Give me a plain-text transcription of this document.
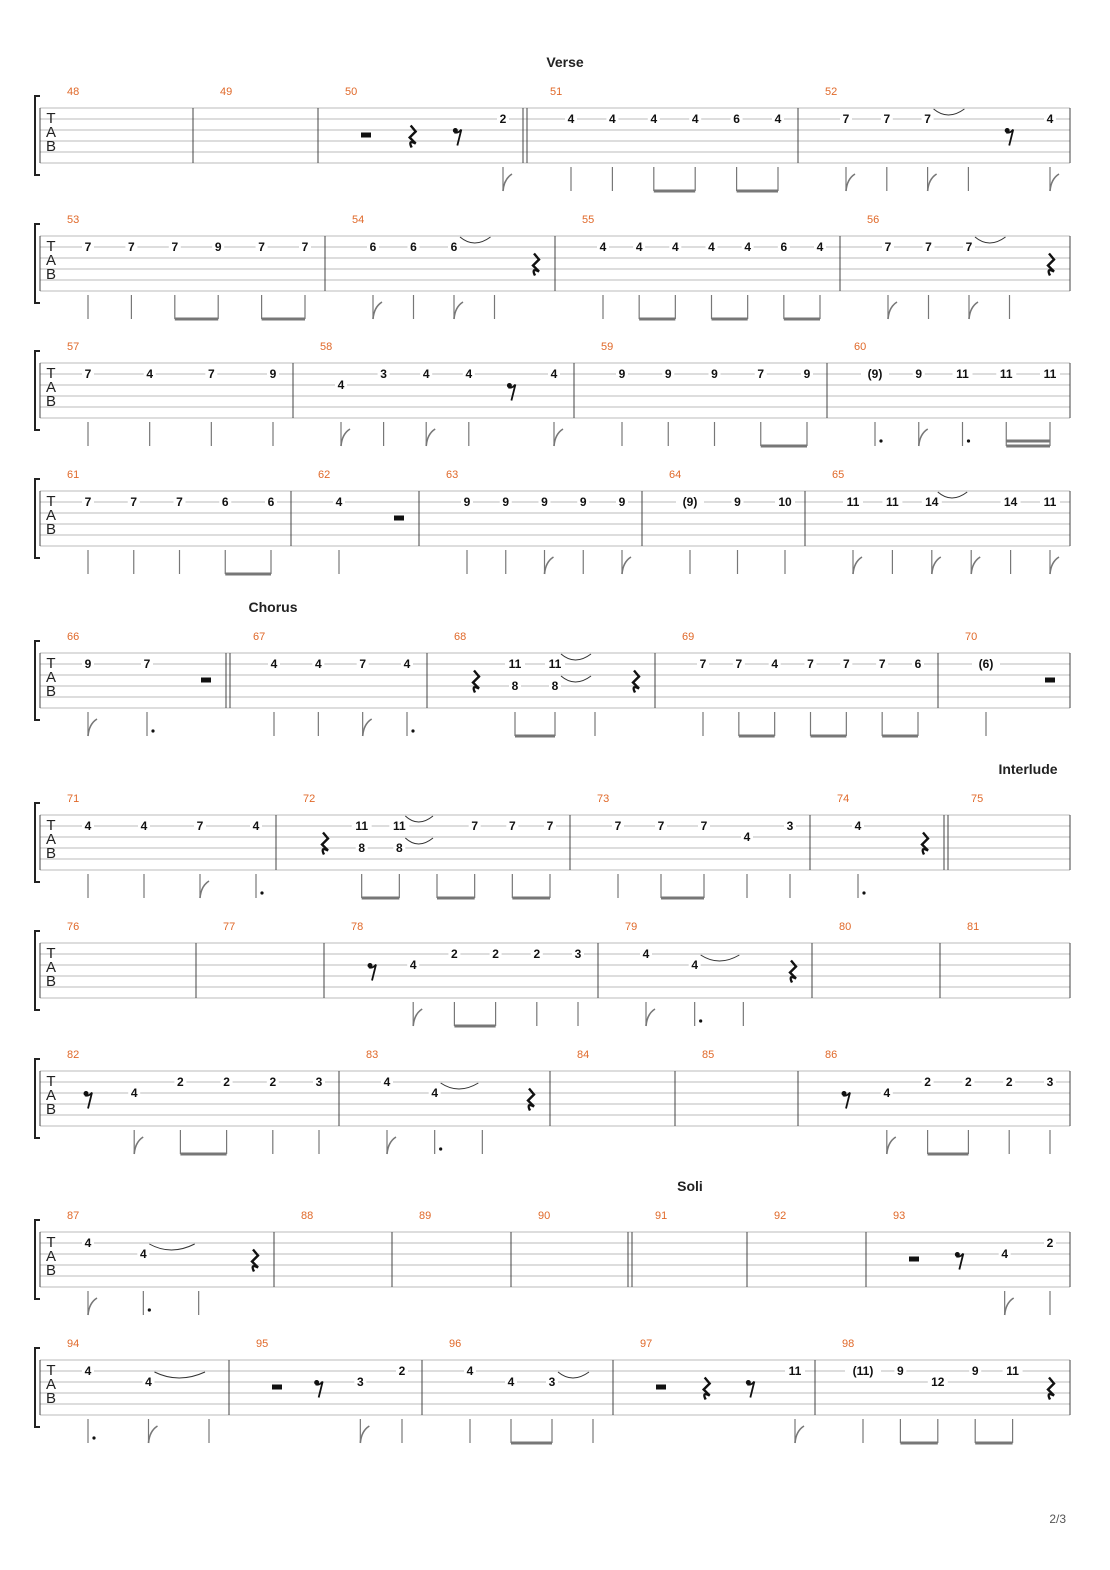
Verse
T
A
B
48	49	50
2
51
4	4	4	4	6	4
52
7	7	7	4
T
A
B
53
7	7	7	9	7	7
54
6	6	6
55
4 4 4 4 4 6 4
56
7	7	7
T
A
B
57
7	4	7	9
58
4
3	4	4	4
59
9	9	9	7	9
60
(9)	9	11	11	11
T
A
B
61
7	7	7	6	6
62
4
63
9	9	9	9	9
64
(9)	9	10
65
11 11 14	14 11
Chorus
T
A
B
66
9	7
67
4	4	7	4
68
11
8
11
8
69
7 7 4 7 7 7 6
70
(6)
Interlude
T
A
B
71
4	4	7	4
72
11
8
11
8
7	7	7
73
7	7	7
4
3
74
4
75
T
A
B
76	77	78
4
2	2	2	3
79
4
4
80	81
T
A
B
82
4
2	2	2	3
83
4
4
84	85	86
4
2	2	2	3
Soli
T
A
B
87
4
4
88	89	90	91	92	93
4
2
T
A
B
94
4
4
95
3
2
96
4
4	3
97
11
98
(11) 9
12
9 11
2/3
